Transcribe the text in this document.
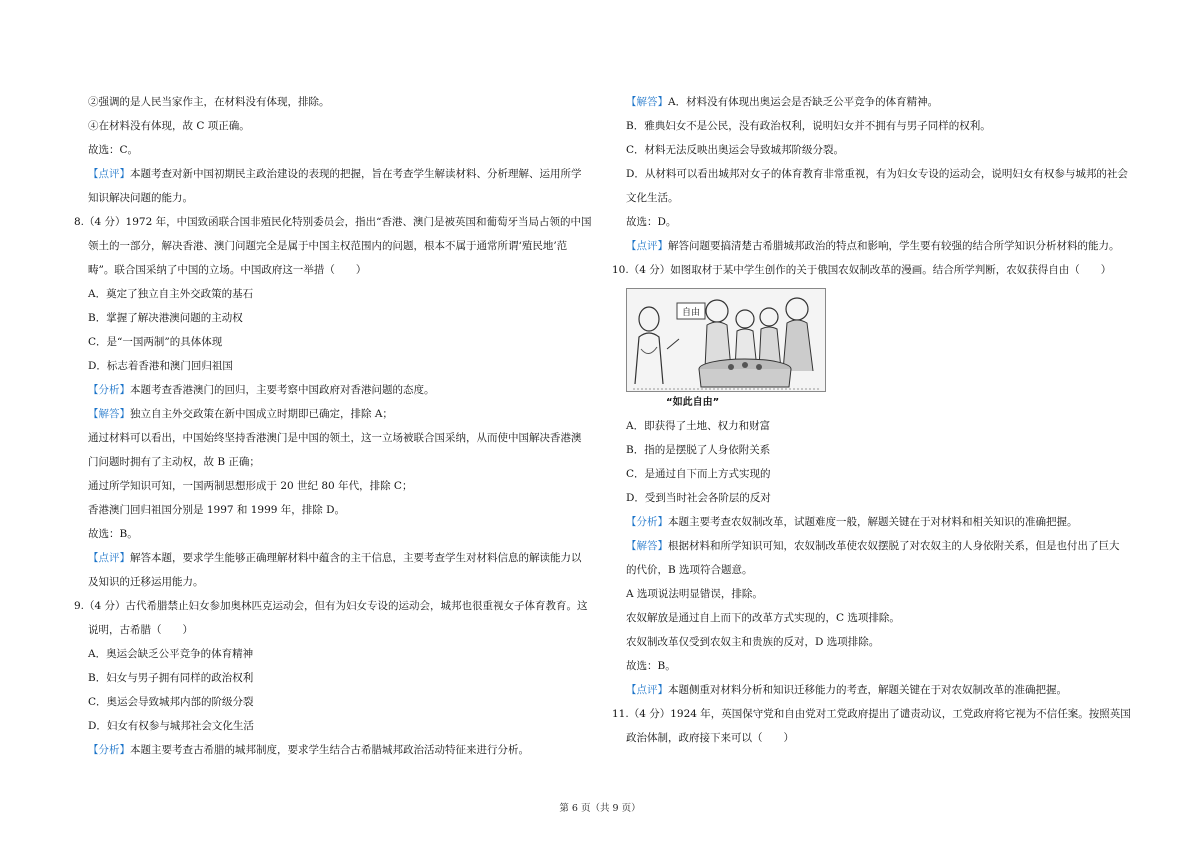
②强调的是人民当家作主，在材料没有体现，排除。
④在材料没有体现，故 C 项正确。
故选：C。
【点评】本题考查对新中国初期民主政治建设的表现的把握，旨在考查学生解读材料、分析理解、运用所学
知识解决问题的能力。
8.（4 分）1972 年，中国致函联合国非殖民化特别委员会，指出“香港、澳门是被英国和葡萄牙当局占领的中国
领土的一部分，解决香港、澳门问题完全是属于中国主权范围内的问题，根本不属于通常所谓‘殖民地’范
畴”。联合国采纳了中国的立场。中国政府这一举措（　　）
A．奠定了独立自主外交政策的基石
B．掌握了解决港澳问题的主动权
C．是“一国两制”的具体体现
D．标志着香港和澳门回归祖国
【分析】本题考查香港澳门的回归，主要考察中国政府对香港问题的态度。
【解答】独立自主外交政策在新中国成立时期即已确定，排除 A；
通过材料可以看出，中国始终坚持香港澳门是中国的领土，这一立场被联合国采纳，从而使中国解决香港澳
门问题时拥有了主动权，故 B 正确；
通过所学知识可知，一国两制思想形成于 20 世纪 80 年代，排除 C；
香港澳门回归祖国分别是 1997 和 1999 年，排除 D。
故选：B。
【点评】解答本题，要求学生能够正确理解材料中蕴含的主干信息，主要考查学生对材料信息的解读能力以
及知识的迁移运用能力。
9.（4 分）古代希腊禁止妇女参加奥林匹克运动会，但有为妇女专设的运动会，城邦也很重视女子体育教育。这
说明，古希腊（　　）
A．奥运会缺乏公平竞争的体育精神
B．妇女与男子拥有同样的政治权利
C．奥运会导致城邦内部的阶级分裂
D．妇女有权参与城邦社会文化生活
【分析】本题主要考查古希腊的城邦制度，要求学生结合古希腊城邦政治活动特征来进行分析。
【解答】A．材料没有体现出奥运会是否缺乏公平竞争的体育精神。
B．雅典妇女不是公民，没有政治权利，说明妇女并不拥有与男子同样的权利。
C．材料无法反映出奥运会导致城邦阶级分裂。
D．从材料可以看出城邦对女子的体育教育非常重视，有为妇女专设的运动会，说明妇女有权参与城邦的社会
文化生活。
故选：D。
【点评】解答问题要搞清楚古希腊城邦政治的特点和影响，学生要有较强的结合所学知识分析材料的能力。
10.（4 分）如图取材于某中学生创作的关于俄国农奴制改革的漫画。结合所学判断，农奴获得自由（　　）
自由
“如此自由”
A．即获得了土地、权力和财富
B．指的是摆脱了人身依附关系
C．是通过自下而上方式实现的
D．受到当时社会各阶层的反对
【分析】本题主要考查农奴制改革，试题难度一般，解题关键在于对材料和相关知识的准确把握。
【解答】根据材料和所学知识可知，农奴制改革使农奴摆脱了对农奴主的人身依附关系，但是也付出了巨大
的代价，B 选项符合题意。
A 选项说法明显错误，排除。
农奴解放是通过自上而下的改革方式实现的，C 选项排除。
农奴制改革仅受到农奴主和贵族的反对，D 选项排除。
故选：B。
【点评】本题侧重对材料分析和知识迁移能力的考查，解题关键在于对农奴制改革的准确把握。
11.（4 分）1924 年，英国保守党和自由党对工党政府提出了谴责动议，工党政府将它视为不信任案。按照英国
政治体制，政府接下来可以（　　）
第 6 页（共 9 页）
